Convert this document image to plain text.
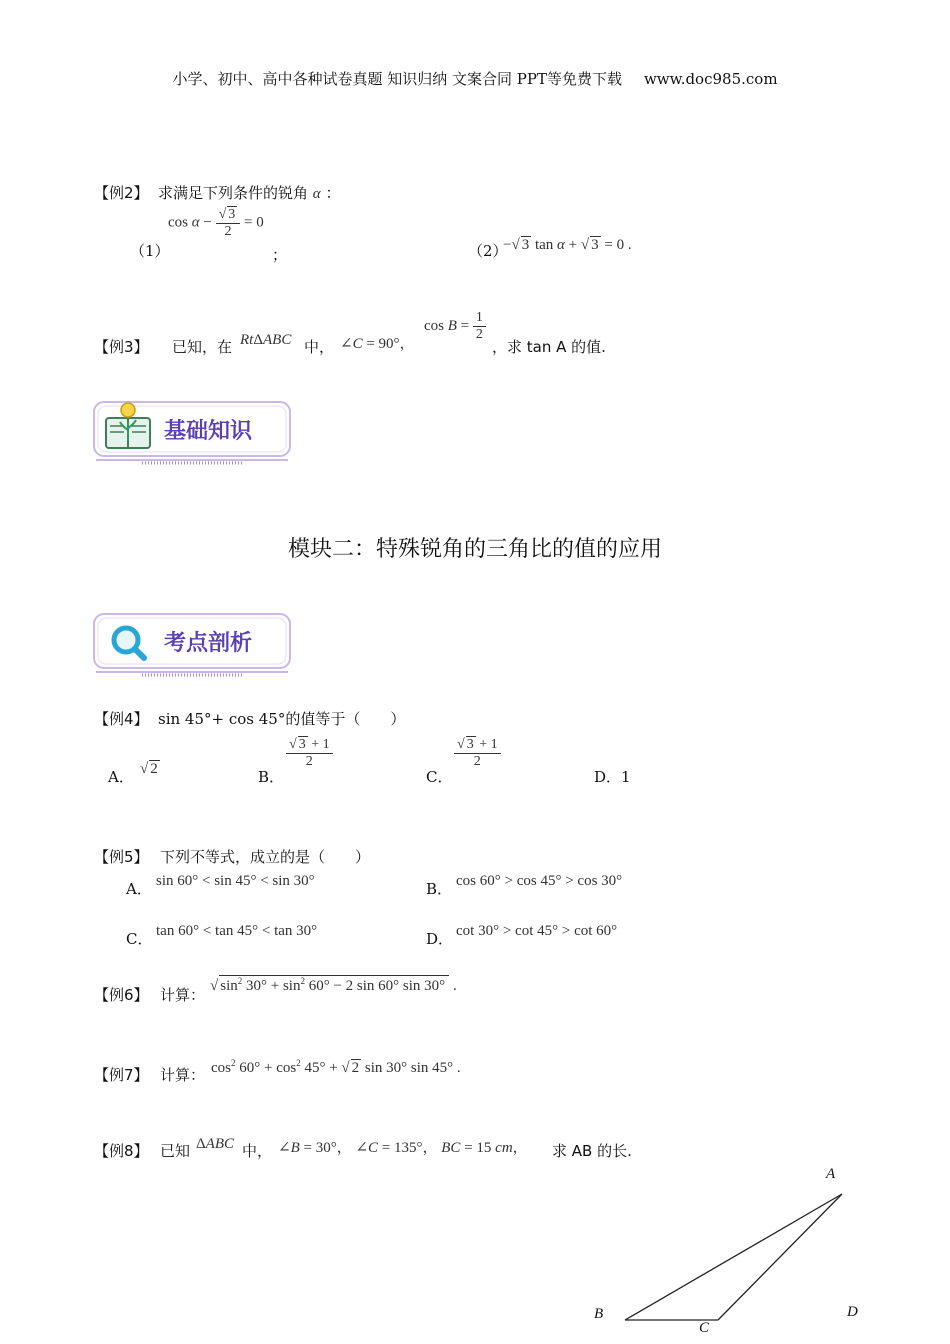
小学、初中、高中各种试卷真题 知识归纳 文案合同 PPT等免费下载 www.doc985.com
【例2】 求满足下列条件的锐角 α ：
（1）
$\cos \alpha - \frac{√ 3}{2} = 0$
；	（2）
−√ 3 tan α + √ 3 = 0 .
【例3】 已知，在 RtΔABC 中， ∠C = 90°，
$\cos B = \frac{1}{2}$
，求 tan A 的值.
基础知识
模块二：特殊锐角的三角比的值的应用
考点剖析
【例4】 sin 45°+ cos 45°的值等于（　　）
A． √ 2	B．
$\frac{√ 3 + 1}{2}$
C．
$\frac{√ 3 + 1}{2}$
D．1
【例5】 下列不等式，成立的是（　　）
A． sin 60° < sin 45° < sin 30°	B． cos 60° > cos 45° > cos 30°
C． tan 60° < tan 45° < tan 30°	D． cot 30° > cot 45° > cot 60°
【例6】 计算： √ $\sin^2 30^\circ + \sin^2 60^\circ - 2$ sin 60° sin 30° .
【例7】 计算： $\cos^2 60^\circ + \cos^2 45^\circ$ + √ 2 sin 30° sin 45° .
【例8】 已知 ΔABC 中， ∠B = 30°， ∠C = 135°， BC = 15 cm， 求 AB 的长.
A
B
C
D
